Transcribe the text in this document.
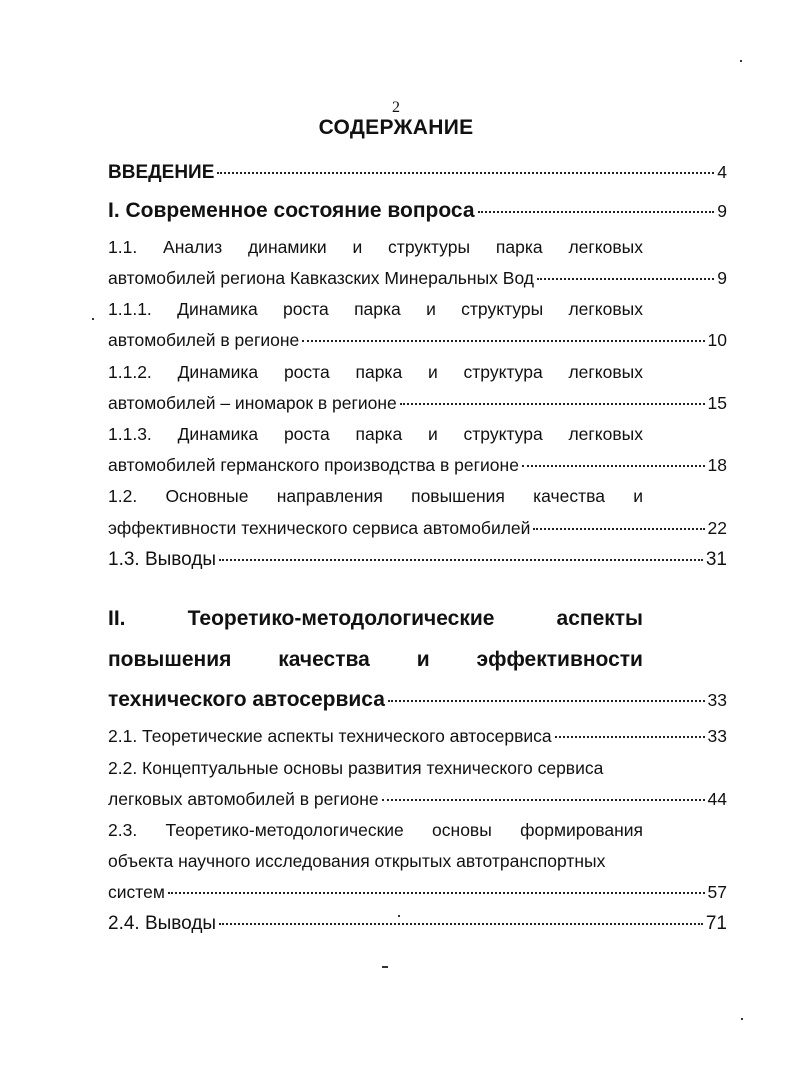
2
СОДЕРЖАНИЕ
ВВЕДЕНИЕ	4
I. Современное состояние вопроса	9
1.1. Анализ динамики и структуры парка легковых
автомобилей региона Кавказских Минеральных Вод	9
1.1.1. Динамика роста парка и структуры легковых
автомобилей в регионе	10
1.1.2. Динамика роста парка и структура легковых
автомобилей – иномарок в регионе	15
1.1.3. Динамика роста парка и структура легковых
автомобилей германского производства в регионе	18
1.2. Основные направления повышения качества и
эффективности технического сервиса автомобилей	22
1.3. Выводы	31
II.	Теоретико-методологические	аспекты
повышения качества и эффективности
технического автосервиса	33
2.1. Теоретические аспекты технического автосервиса	33
2.2. Концептуальные основы развития технического сервиса
легковых автомобилей в регионе	44
2.3. Теоретико-методологические основы формирования
объекта научного исследования открытых автотранспортных
систем	57
2.4. Выводы	71
